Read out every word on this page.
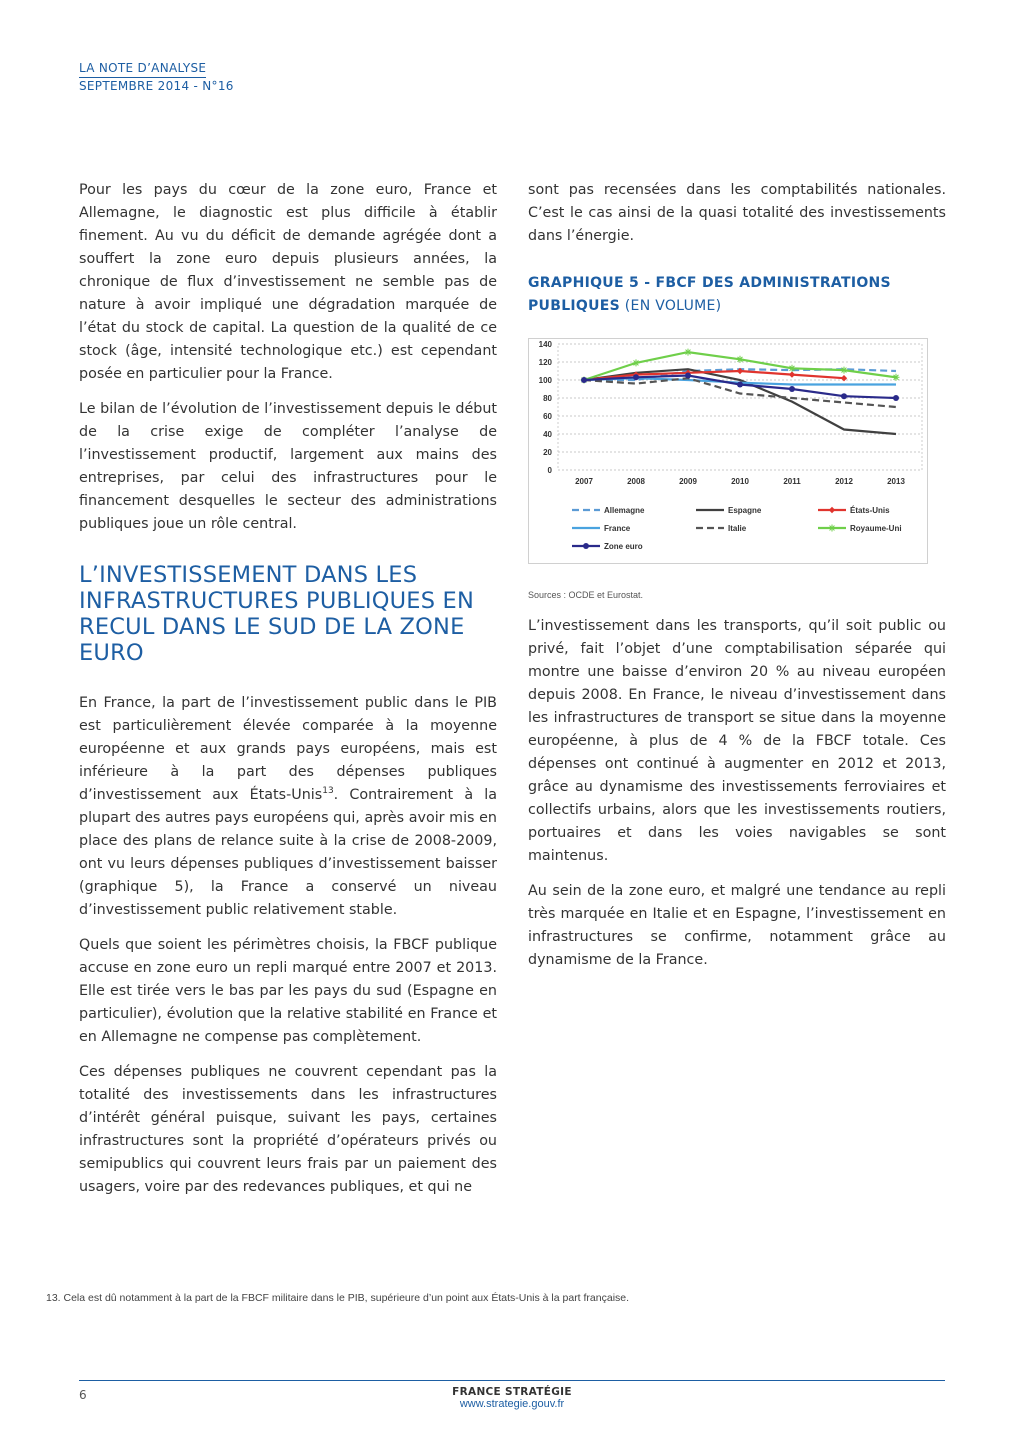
LA NOTE D’ANALYSE
SEPTEMBRE 2014 - N°16

Pour les pays du cœur de la zone euro, France et Allemagne, le diagnostic est plus difficile à établir finement. Au vu du déficit de demande agrégée dont a souffert la zone euro depuis plusieurs années, la chronique de flux d’investissement ne semble pas de nature à avoir impliqué une dégradation marquée de l’état du stock de capital. La question de la qualité de ce stock (âge, intensité technologique etc.) est cependant posée en particulier pour la France.

Le bilan de l’évolution de l’investissement depuis le début de la crise exige de compléter l’analyse de l’investissement productif, largement aux mains des entreprises, par celui des infrastructures pour le financement desquelles le secteur des administrations publiques joue un rôle central.

L’INVESTISSEMENT DANS LES INFRASTRUCTURES PUBLIQUES EN RECUL DANS LE SUD DE LA ZONE EURO

En France, la part de l’investissement public dans le PIB est particulièrement élevée comparée à la moyenne européenne et aux grands pays européens, mais est inférieure à la part des dépenses publiques d’investissement aux États-Unis$^{13}$. Contrairement à la plupart des autres pays européens qui, après avoir mis en place des plans de relance suite à la crise de 2008-2009, ont vu leurs dépenses publiques d’investissement baisser (graphique 5), la France a conservé un niveau d’investissement public relativement stable.

Quels que soient les périmètres choisis, la FBCF publique accuse en zone euro un repli marqué entre 2007 et 2013. Elle est tirée vers le bas par les pays du sud (Espagne en particulier), évolution que la relative stabilité en France et en Allemagne ne compense pas complètement.

Ces dépenses publiques ne couvrent cependant pas la totalité des investissements dans les infrastructures d’intérêt général puisque, suivant les pays, certaines infrastructures sont la propriété d’opérateurs privés ou semipublics qui couvrent leurs frais par un paiement des usagers, voire par des redevances publiques, et qui ne

sont pas recensées dans les comptabilités nationales. C’est le cas ainsi de la quasi totalité des investissements dans l’énergie.

GRAPHIQUE 5 - FBCF DES ADMINISTRATIONS PUBLIQUES (EN VOLUME)
0
20
40
60
80
100
120
140
2007	2008	2009	2010	2011	2012	2013
Allemagne	Espagne	États-Unis
France	Italie	Royaume-Uni
Zone euro
Sources : OCDE et Eurostat.

L’investissement dans les transports, qu’il soit public ou privé, fait l’objet d’une comptabilisation séparée qui montre une baisse d’environ 20 % au niveau européen depuis 2008. En France, le niveau d’investissement dans les infrastructures de transport se situe dans la moyenne européenne, à plus de 4 % de la FBCF totale. Ces dépenses ont continué à augmenter en 2012 et 2013, grâce au dynamisme des investissements ferroviaires et collectifs urbains, alors que les investissements routiers, portuaires et dans les voies navigables se sont maintenus.

Au sein de la zone euro, et malgré une tendance au repli très marquée en Italie et en Espagne, l’investissement en infrastructures se confirme, notamment grâce au dynamisme de la France.

13. Cela est dû notamment à la part de la FBCF militaire dans le PIB, supérieure d’un point aux États-Unis à la part française.
6	FRANCE STRATÉGIE
www.strategie.gouv.fr
